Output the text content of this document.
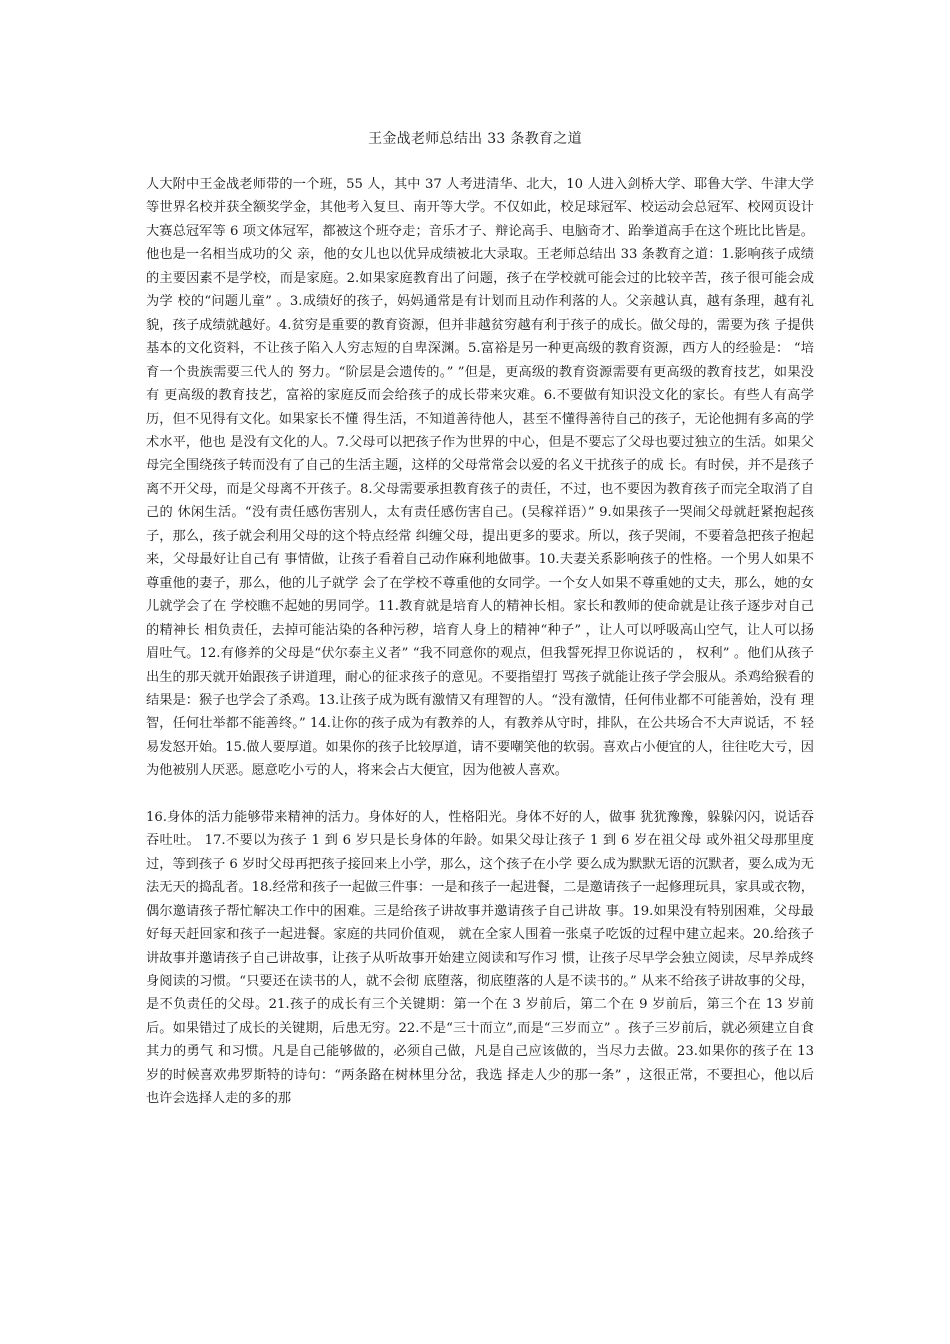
王金战老师总结出 33 条教育之道

人大附中王金战老师带的一个班，55 人，其中 37 人考进清华、北大，10 人进入剑桥大学、耶鲁大学、牛津大学等世界名校并获全额奖学金，其他考入复旦、南开等大学。不仅如此，校足球冠军、校运动会总冠军、校网页设计大赛总冠军等 6 项文体冠军，都被这个班夺走；音乐才子、辩论高手、电脑奇才、跆拳道高手在这个班比比皆是。他也是一名相当成功的父 亲，他的女儿也以优异成绩被北大录取。王老师总结出 33 条教育之道：1.影响孩子成绩的主要因素不是学校，而是家庭。2.如果家庭教育出了问题，孩子在学校就可能会过的比较辛苦，孩子很可能会成为学 校的“问题儿童” 。3.成绩好的孩子，妈妈通常是有计划而且动作利落的人。父亲越认真，越有条理，越有礼貌，孩子成绩就越好。4.贫穷是重要的教育资源，但并非越贫穷越有利于孩子的成长。做父母的，需要为孩 子提供基本的文化资料，不让孩子陷入人穷志短的自卑深渊。5.富裕是另一种更高级的教育资源，西方人的经验是： “培育一个贵族需要三代人的 努力。“阶层是会遗传的。” ”但是，更高级的教育资源需要有更高级的教育技艺，如果没有 更高级的教育技艺，富裕的家庭反而会给孩子的成长带来灾难。6.不要做有知识没文化的家长。有些人有高学历，但不见得有文化。如果家长不懂 得生活，不知道善待他人，甚至不懂得善待自己的孩子，无论他拥有多高的学术水平，他也 是没有文化的人。7.父母可以把孩子作为世界的中心，但是不要忘了父母也要过独立的生活。如果父 母完全围绕孩子转而没有了自己的生活主题，这样的父母常常会以爱的名义干扰孩子的成 长。有时侯，并不是孩子离不开父母，而是父母离不开孩子。8.父母需要承担教育孩子的责任，不过，也不要因为教育孩子而完全取消了自己的 休闲生活。“没有责任感伤害别人，太有责任感伤害自己。(吴稼祥语）” 9.如果孩子一哭闹父母就赶紧抱起孩子，那么，孩子就会利用父母的这个特点经常 纠缠父母，提出更多的要求。所以，孩子哭闹，不要着急把孩子抱起来，父母最好让自己有 事情做，让孩子看着自己动作麻利地做事。10.夫妻关系影响孩子的性格。一个男人如果不尊重他的妻子，那么，他的儿子就学 会了在学校不尊重他的女同学。一个女人如果不尊重她的丈夫，那么，她的女儿就学会了在 学校瞧不起她的男同学。11.教育就是培育人的精神长相。家长和教师的使命就是让孩子逐步对自己的精神长 相负责任，去掉可能沾染的各种污秽，培育人身上的精神“种子” ，让人可以呼吸高山空气，让人可以扬眉吐气。12.有修养的父母是“伏尔泰主义者” “我不同意你的观点，但我誓死捍卫你说话的 ， 权利” 。他们从孩子出生的那天就开始跟孩子讲道理，耐心的征求孩子的意见。不要指望打 骂孩子就能让孩子学会服从。杀鸡给猴看的结果是：猴子也学会了杀鸡。13.让孩子成为既有激情又有理智的人。“没有激情，任何伟业都不可能善始，没有 理智，任何壮举都不能善终。” 14.让你的孩子成为有教养的人，有教养从守时，排队，在公共场合不大声说话，不 轻易发怒开始。15.做人要厚道。如果你的孩子比较厚道，请不要嘲笑他的软弱。喜欢占小便宜的人，往往吃大亏，因为他被别人厌恶。愿意吃小亏的人，将来会占大便宜，因为他被人喜欢。

16.身体的活力能够带来精神的活力。身体好的人，性格阳光。身体不好的人，做事 犹犹豫豫，躲躲闪闪，说话吞吞吐吐。 17.不要以为孩子 1 到 6 岁只是长身体的年龄。如果父母让孩子 1 到 6 岁在祖父母 或外祖父母那里度过，等到孩子 6 岁时父母再把孩子接回来上小学，那么，这个孩子在小学 要么成为默默无语的沉默者，要么成为无法无天的捣乱者。18.经常和孩子一起做三件事：一是和孩子一起进餐，二是邀请孩子一起修理玩具，家具或衣物，偶尔邀请孩子帮忙解决工作中的困难。三是给孩子讲故事并邀请孩子自己讲故 事。19.如果没有特别困难，父母最好每天赶回家和孩子一起进餐。家庭的共同价值观， 就在全家人围着一张桌子吃饭的过程中建立起来。20.给孩子讲故事并邀请孩子自己讲故事，让孩子从听故事开始建立阅读和写作习 惯，让孩子尽早学会独立阅读，尽早养成终身阅读的习惯。“只要还在读书的人，就不会彻 底堕落，彻底堕落的人是不读书的。” 从来不给孩子讲故事的父母，是不负责任的父母。21.孩子的成长有三个关键期：第一个在 3 岁前后，第二个在 9 岁前后，第三个在 13 岁前后。如果错过了成长的关键期，后患无穷。22.不是“三十而立”,而是“三岁而立” 。孩子三岁前后，就必须建立自食其力的勇气 和习惯。凡是自己能够做的，必须自己做，凡是自己应该做的，当尽力去做。23.如果你的孩子在 13 岁的时候喜欢弗罗斯特的诗句：“两条路在树林里分岔，我选 择走人少的那一条” ，这很正常，不要担心，他以后也许会选择人走的多的那
